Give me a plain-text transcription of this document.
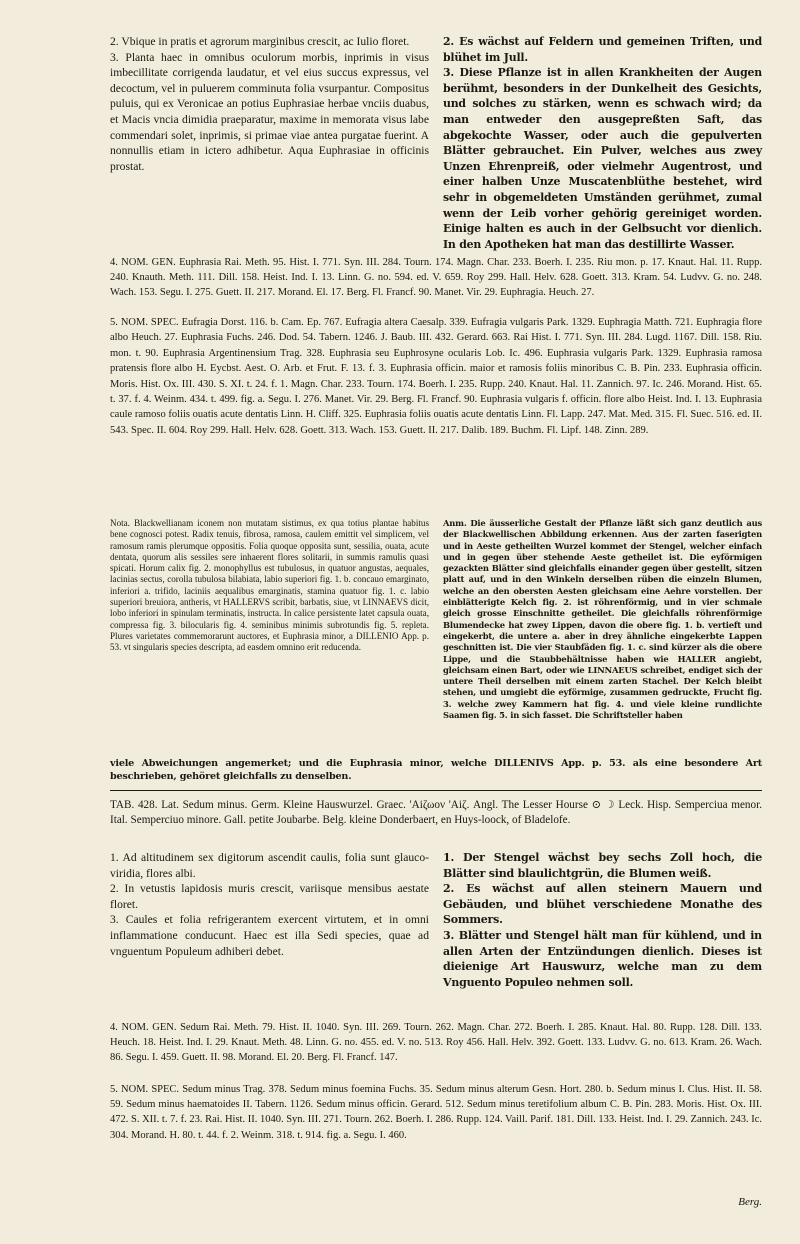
2. Vbique in pratis et agrorum marginibus crescit, ac Iulio floret.

3. Planta haec in omnibus oculorum morbis, inprimis in visus imbecillitate corrigenda laudatur, et vel eius succus expressus, vel decoctum, vel in puluerem comminuta folia vsurpantur. Compositus puluis, qui ex Veronicae an potius Euphrasiae herbae vnciis duabus, et Macis vncia dimidia praeparatur, maxime in memorata visus labe commendari solet, inprimis, si primae viae antea purgatae fuerint. A nonnullis etiam in ictero adhibetur. Aqua Euphrasiae in officinis prostat.

2. Es wächst auf Feldern und gemeinen Triften, und blühet im Jull.

3. Diese Pflanze ist in allen Krankheiten der Augen berühmt, besonders in der Dunkelheit des Gesichts, und solches zu stärken, wenn es schwach wird; da man entweder den ausgepreßten Saft, das abgekochte Wasser, oder auch die gepulverten Blätter gebrauchet. Ein Pulver, welches aus zwey Unzen Ehrenpreiß, oder vielmehr Augentrost, und einer halben Unze Muscatenblüthe bestehet, wird sehr in obgemeldeten Umständen gerühmet, zumal wenn der Leib vorher gehörig gereiniget worden. Einige halten es auch in der Gelbsucht vor dienlich. In den Apotheken hat man das destillirte Wasser.

4. NOM. GEN. Euphrasia Rai. Meth. 95. Hist. I. 771. Syn. III. 284. Tourn. 174. Magn. Char. 233. Boerh. I. 235. Riu mon. p. 17. Knaut. Hal. 11. Rupp. 240. Knauth. Meth. 111. Dill. 158. Heist. Ind. I. 13. Linn. G. no. 594. ed. V. 659. Roy 299. Hall. Helv. 628. Goett. 313. Kram. 54. Ludvv. G. no. 248. Wach. 153. Segu. I. 275. Guett. II. 217. Morand. El. 17. Berg. Fl. Francf. 90. Manet. Vir. 29. Euphragia. Heuch. 27.

5. NOM. SPEC. Eufragia Dorst. 116. b. Cam. Ep. 767. Eufragia altera Caesalp. 339. Eufragia vulgaris Park. 1329. Euphragia Matth. 721. Euphragia flore albo Heuch. 27. Euphrasia Fuchs. 246. Dod. 54. Tabern. 1246. J. Baub. III. 432. Gerard. 663. Rai Hist. I. 771. Syn. III. 284. Lugd. 1167. Dill. 158. Riu. mon. t. 90. Euphrasia Argentinensium Trag. 328. Euphrasia seu Euphrosyne ocularis Lob. Ic. 496. Euphrasia vulgaris Park. 1329. Euphrasia ramosa pratensis flore albo H. Eycbst. Aest. O. Arb. et Frut. F. 13. f. 3. Euphrasia officin. maior et ramosis foliis minoribus C. B. Pin. 233. Euphrasia officin. Moris. Hist. Ox. III. 430. S. XI. t. 24. f. 1. Magn. Char. 233. Tourn. 174. Boerh. I. 235. Rupp. 240. Knaut. Hal. 11. Zannich. 97. Ic. 246. Morand. Hist. 65. t. 37. f. 4. Weinm. 434. t. 499. fig. a. Segu. I. 276. Manet. Vir. 29. Berg. Fl. Francf. 90. Euphrasia vulgaris f. officin. flore albo Heist. Ind. I. 13. Euphrasia caule ramoso foliis ouatis acute dentatis Linn. H. Cliff. 325. Euphrasia foliis ouatis acute dentatis Linn. Fl. Lapp. 247. Mat. Med. 315. Fl. Suec. 516. ed. II. 543. Spec. II. 604. Roy 299. Hall. Helv. 628. Goett. 313. Wach. 153. Guett. II. 217. Dalib. 189. Buchm. Fl. Lipf. 148. Zinn. 289.

Nota. Blackwellianam iconem non mutatam sistimus, ex qua totius plantae habitus bene cognosci potest. Radix tenuis, fibrosa, ramosa, caulem emittit vel simplicem, vel ramosum ramis plerumque oppositis. Folia quoque opposita sunt, sessilia, ouata, acute dentata, quorum alis sessiles sere inhaerent flores solitarii, in summis ramulis quasi spicati. Horum calix fig. 2. monophyllus est tubulosus, in quatuor angustas, aequales, lacinias sectus, corolla tubulosa bilabiata, labio superiori fig. 1. b. concauo emarginato, inferiori a. trifido, laciniis aequalibus emarginatis, stamina quatuor fig. 1. c. labio superiori breuiora, antheris, vt HALLERVS scribit, barbatis, siue, vt LINNAEVS dicit, lobo inferiori in spinulam terminatis, instructa. In calice persistente latet capsula ouata, compressa fig. 3. bilocularis fig. 4. seminibus minimis subrotundis fig. 5. repleta. Plures varietates commemorarunt auctores, et Euphrasia minor, a DILLENIO App. p. 53. vt singularis species descripta, ad easdem omnino erit reducenda.

Anm. Die äusserliche Gestalt der Pflanze läßt sich ganz deutlich aus der Blackwellischen Abbildung erkennen. Aus der zarten faserigten und in Aeste getheilten Wurzel kommet der Stengel, welcher einfach und in gegen über stehende Aeste getheilet ist. Die eyförmigen gezackten Blätter sind gleichfalls einander gegen über gestellt, sitzen platt auf, und in den Winkeln derselben rüben die einzeln Blumen, welche an den obersten Aesten gleichsam eine Aehre vorstellen. Der einblätterigte Kelch fig. 2. ist röhrenförmig, und in vier schmale gleich grosse Einschnitte getheilet. Die gleichfalls röhrenförmige Blumendecke hat zwey Lippen, davon die obere fig. 1. b. vertieft und eingekerbt, die untere a. aber in drey ähnliche eingekerbte Lappen geschnitten ist. Die vier Staubfäden fig. 1. c. sind kürzer als die obere Lippe, und die Staubbehältnisse haben wie HALLER angiebt, gleichsam einen Bart, oder wie LINNAEUS schreibet, endiget sich der untere Theil derselben mit einem zarten Stachel. Der Kelch bleibt stehen, und umgiebt die eyförmige, zusammen gedruckte, Frucht fig. 3. welche zwey Kammern hat fig. 4. und viele kleine rundlichte Saamen fig. 5. in sich fasset. Die Schriftsteller haben

viele Abweichungen angemerket; und die Euphrasia minor, welche DILLENIVS App. p. 53. als eine besondere Art beschrieben, gehöret gleichfalls zu denselben.

TAB. 428. Lat. Sedum minus. Germ. Kleine Hauswurzel. Graec. 'Aiζωον 'Aiζ. Angl. The Lesser Hourse ⊙ ☽ Leck. Hisp. Semperciua menor. Ital. Semperciuo minore. Gall. petite Joubarbe. Belg. kleine Donderbaert, en Huys-loock, of Bladelofe.

1. Ad altitudinem sex digitorum ascendit caulis, folia sunt glauco-viridia, flores albi.

2. In vetustis lapidosis muris crescit, variisque mensibus aestate floret.

3. Caules et folia refrigerantem exercent virtutem, et in omni inflammatione conducunt. Haec est illa Sedi species, quae ad vnguentum Populeum adhiberi debet.

1. Der Stengel wächst bey sechs Zoll hoch, die Blätter sind blaulichtgrün, die Blumen weiß.

2. Es wächst auf allen steinern Mauern und Gebäuden, und blühet verschiedene Monathe des Sommers.

3. Blätter und Stengel hält man für kühlend, und in allen Arten der Entzündungen dienlich. Dieses ist dieienige Art Hauswurz, welche man zu dem Vnguento Populeo nehmen soll.

4. NOM. GEN. Sedum Rai. Meth. 79. Hist. II. 1040. Syn. III. 269. Tourn. 262. Magn. Char. 272. Boerh. I. 285. Knaut. Hal. 80. Rupp. 128. Dill. 133. Heuch. 18. Heist. Ind. I. 29. Knaut. Meth. 48. Linn. G. no. 455. ed. V. no. 513. Roy 456. Hall. Helv. 392. Goett. 133. Ludvv. G. no. 613. Kram. 26. Wach. 86. Segu. I. 459. Guett. II. 98. Morand. El. 20. Berg. Fl. Francf. 147.

5. NOM. SPEC. Sedum minus Trag. 378. Sedum minus foemina Fuchs. 35. Sedum minus alterum Gesn. Hort. 280. b. Sedum minus I. Clus. Hist. II. 58. 59. Sedum minus haematoides II. Tabern. 1126. Sedum minus officin. Gerard. 512. Sedum minus teretifolium album C. B. Pin. 283. Moris. Hist. Ox. III. 472. S. XII. t. 7. f. 23. Rai. Hist. II. 1040. Syn. III. 271. Tourn. 262. Boerh. I. 286. Rupp. 124. Vaill. Parif. 181. Dill. 133. Heist. Ind. I. 29. Zannich. 243. Ic. 304. Morand. H. 80. t. 44. f. 2. Weinm. 318. t. 914. fig. a. Segu. I. 460.

Berg.
